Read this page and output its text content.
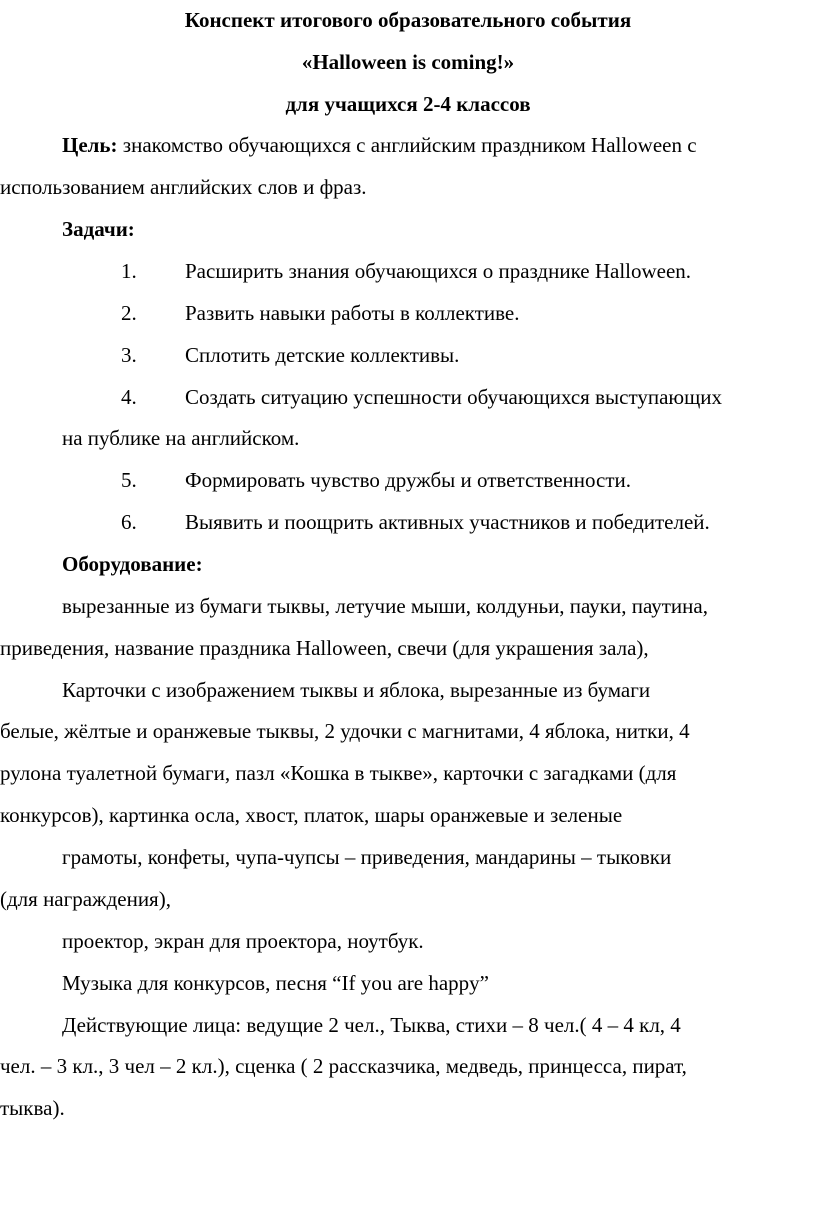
Конспект итогового образовательного события
«Halloween is coming!»
для учащихся 2-4 классов
Цель: знакомство обучающихся с английским праздником Halloween с
использованием английских слов и фраз.
Задачи:
1. Расширить знания обучающихся о празднике Halloween.
2. Развить навыки работы в коллективе.
3. Сплотить детские коллективы.
4. Создать ситуацию успешности обучающихся выступающих
на публике на английском.
5. Формировать чувство дружбы и ответственности.
6. Выявить и поощрить активных участников и победителей.
Оборудование:
вырезанные из бумаги тыквы, летучие мыши, колдуньи, пауки, паутина,
приведения, название праздника Halloween, свечи (для украшения зала),
Карточки с изображением тыквы и яблока, вырезанные из бумаги
белые, жёлтые и оранжевые тыквы, 2 удочки с магнитами, 4 яблока, нитки, 4
рулона туалетной бумаги, пазл «Кошка в тыкве», карточки с загадками (для
конкурсов), картинка осла, хвост, платок, шары оранжевые и зеленые
грамоты, конфеты, чупа-чупсы – приведения, мандарины – тыковки
(для награждения),
проектор, экран для проектора, ноутбук.
Музыка для конкурсов, песня “If you are happy”
Действующие лица: ведущие 2 чел., Тыква, стихи – 8 чел.( 4 – 4 кл, 4
чел. – 3 кл., 3 чел – 2 кл.), сценка ( 2 рассказчика, медведь, принцесса, пират,
тыква).
